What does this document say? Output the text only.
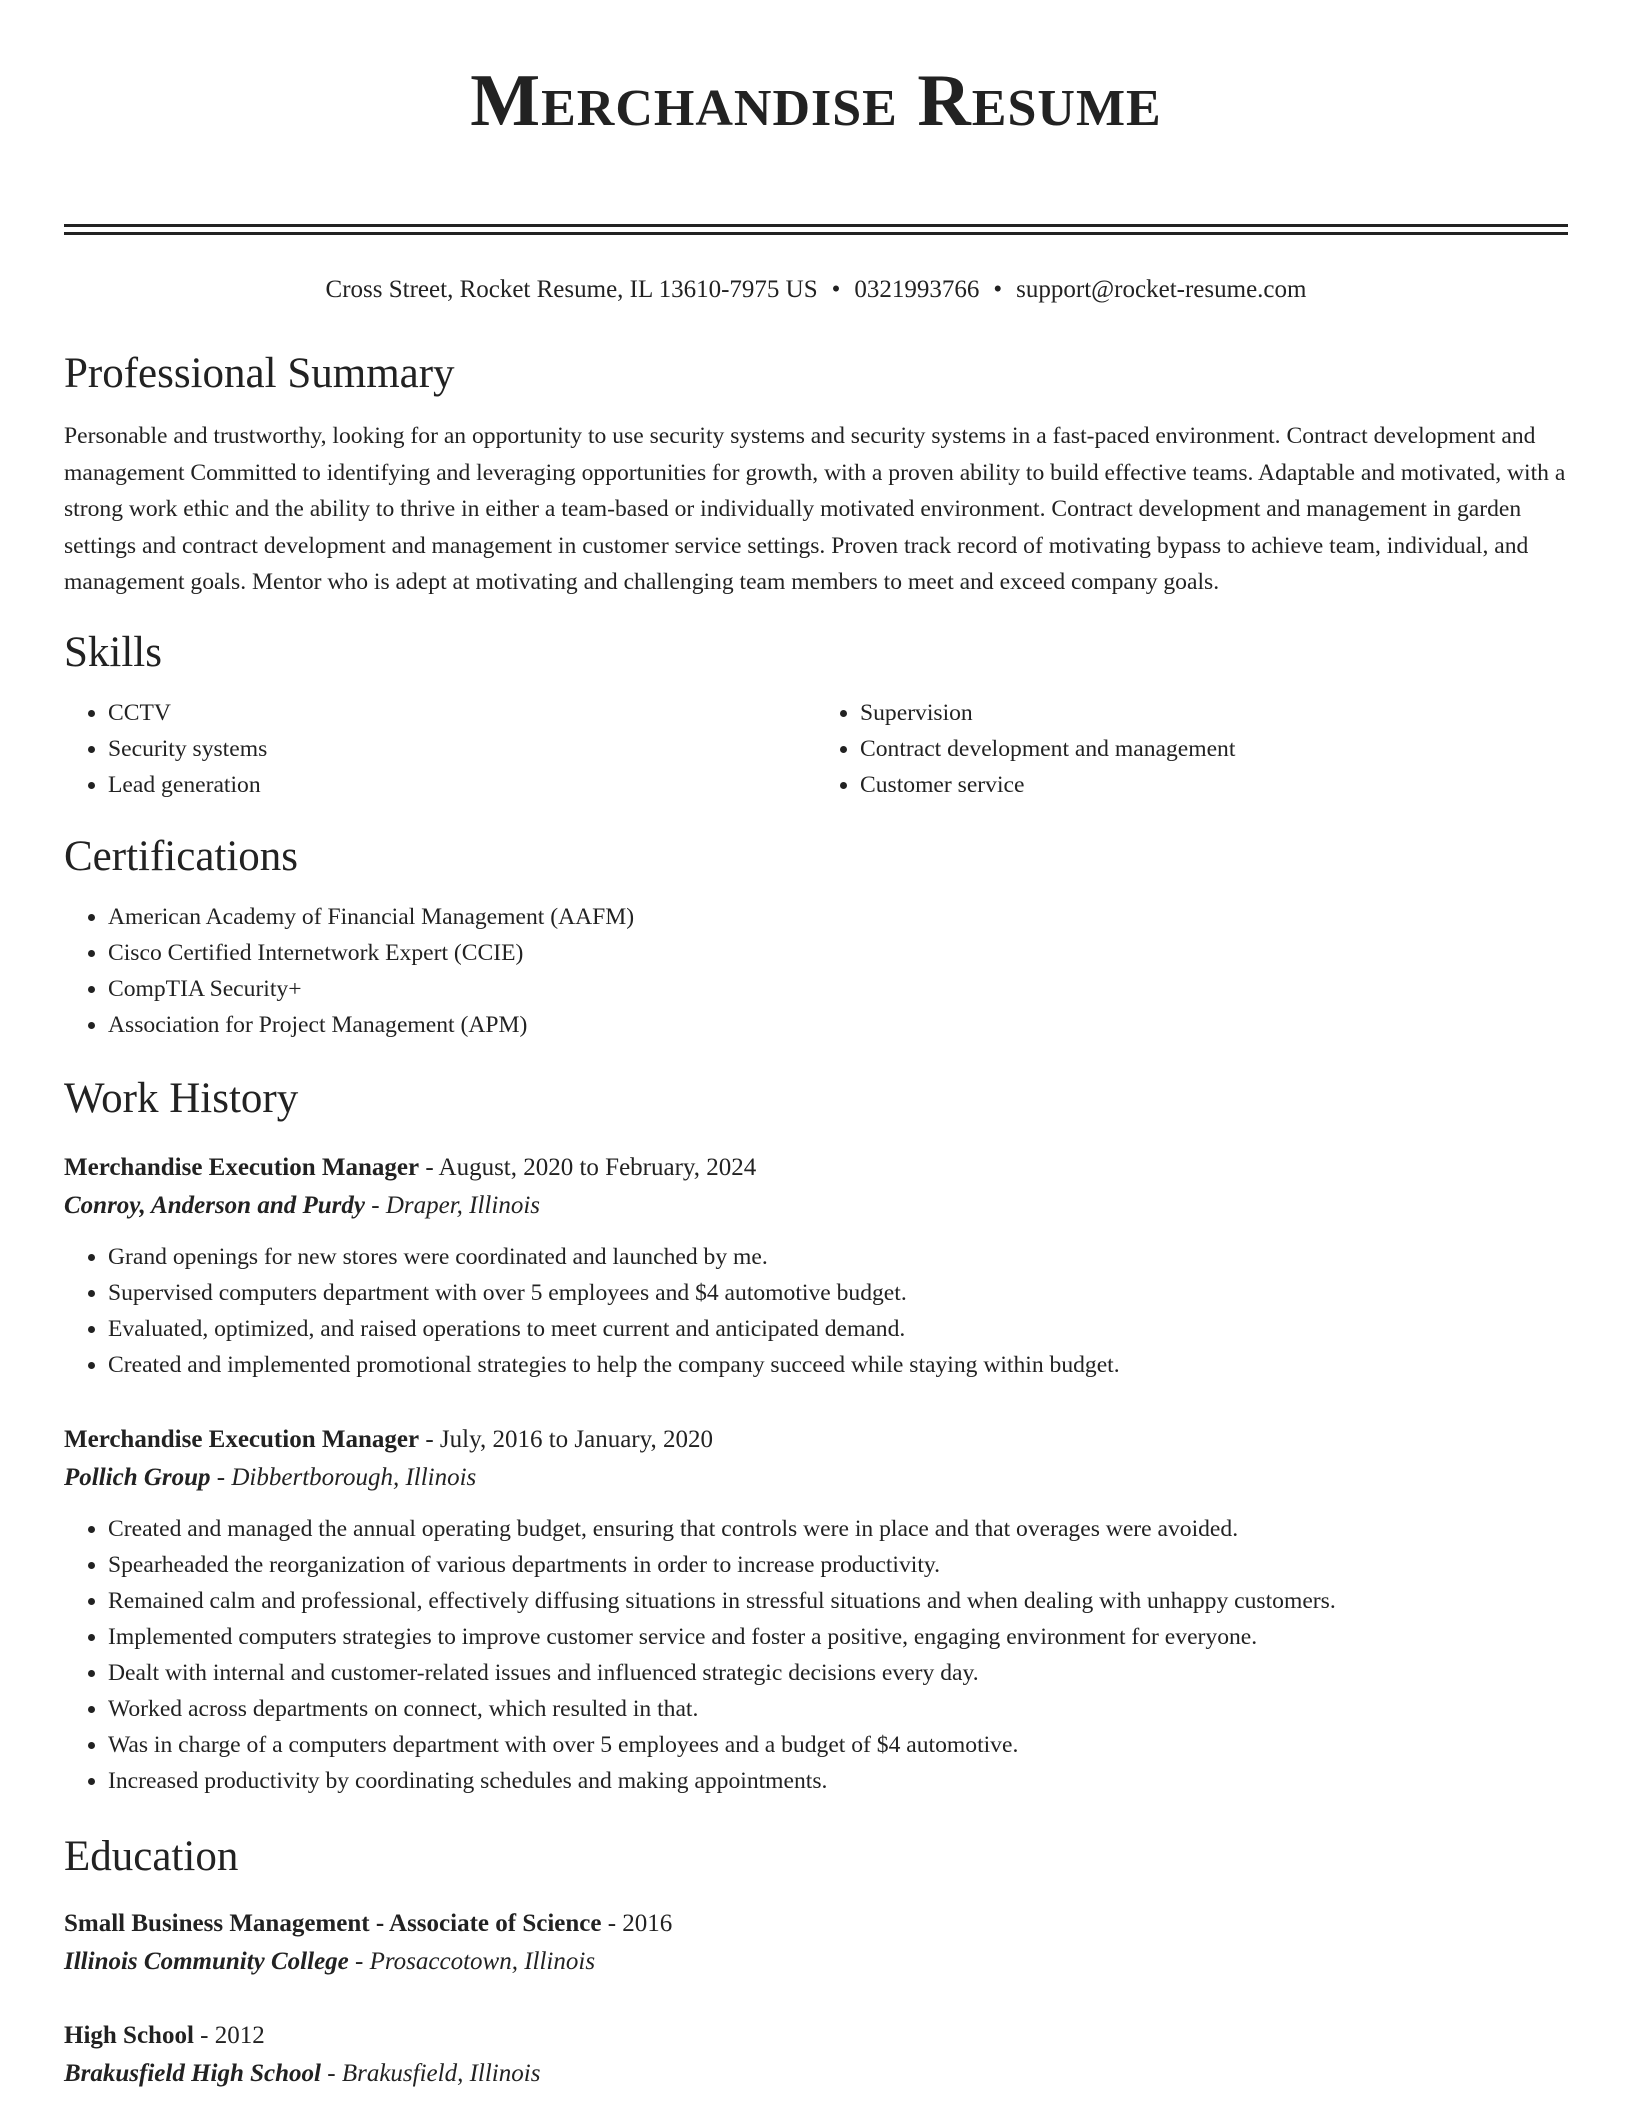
Merchandise Resume
Cross Street, Rocket Resume, IL 13610-7975 US • 0321993766 • support@rocket-resume.com
Professional Summary

Personable and trustworthy, looking for an opportunity to use security systems and security systems in a fast-paced environment. Contract development and management Committed to identifying and leveraging opportunities for growth, with a proven ability to build effective teams. Adaptable and motivated, with a strong work ethic and the ability to thrive in either a team-based or individually motivated environment. Contract development and management in garden settings and contract development and management in customer service settings. Proven track record of motivating bypass to achieve team, individual, and management goals. Mentor who is adept at motivating and challenging team members to meet and exceed company goals.

Skills
• CCTV
• Security systems
• Lead generation
• Supervision
• Contract development and management
• Customer service
Certifications
• American Academy of Financial Management (AAFM)
• Cisco Certified Internetwork Expert (CCIE)
• CompTIA Security+
• Association for Project Management (APM)
Work History
Merchandise Execution Manager - August, 2020 to February, 2024
Conroy, Anderson and Purdy - Draper, Illinois
• Grand openings for new stores were coordinated and launched by me.
• Supervised computers department with over 5 employees and $4 automotive budget.
• Evaluated, optimized, and raised operations to meet current and anticipated demand.
• Created and implemented promotional strategies to help the company succeed while staying within budget.
Merchandise Execution Manager - July, 2016 to January, 2020
Pollich Group - Dibbertborough, Illinois
• Created and managed the annual operating budget, ensuring that controls were in place and that overages were avoided.
• Spearheaded the reorganization of various departments in order to increase productivity.
• Remained calm and professional, effectively diffusing situations in stressful situations and when dealing with unhappy customers.
• Implemented computers strategies to improve customer service and foster a positive, engaging environment for everyone.
• Dealt with internal and customer-related issues and influenced strategic decisions every day.
• Worked across departments on connect, which resulted in that.
• Was in charge of a computers department with over 5 employees and a budget of $4 automotive.
• Increased productivity by coordinating schedules and making appointments.
Education
Small Business Management - Associate of Science - 2016
Illinois Community College - Prosaccotown, Illinois
High School - 2012
Brakusfield High School - Brakusfield, Illinois
